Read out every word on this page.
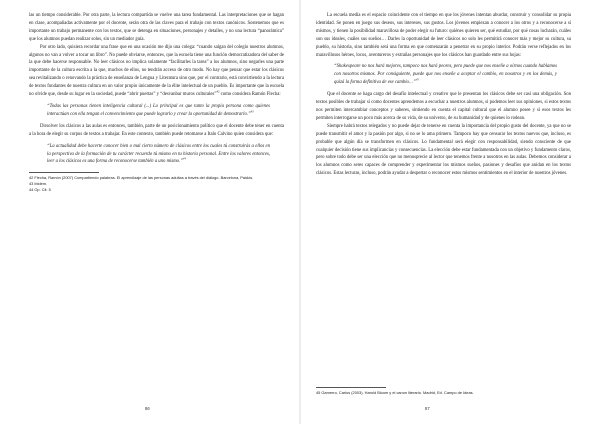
las un tiempo considerable. Por otra parte, la lectura compartida se vuelve una tarea fundamental. Las interpretaciones que se hagan en clase, acompañadas activamente por el docente, serán otra de las claves para el trabajo con textos canónicos. Sostenemos que es importante un trabajo permanente con los textos, que se detenga en situaciones, personajes y detalles, y no una lectura “panorámica” que los alumnos puedan realizar solos, sin un mediador guía.

Por otro lado, quisiera recordar una frase que en una ocasión me dijo una colega: “cuando salgan del colegio nuestros alumnos, algunos no van a volver a tocar un libro”. No puede obviarse, entonces, que la escuela tiene una función democratizadora del saber de la que debe hacerse responsable. No leer clásicos no implica solamente “facilitarles la tarea” a los alumnos, sino negarles una parte importante de la cultura escrita a la que, muchos de ellos, no tendrán acceso de otro modo. No hay que pensar que estar los clásicos sea revitalizando o renovando la práctica de enseñanza de Lengua y Literatura sino que, por el contrario, está convirtiendo a la lectura de textos fundantes de nuestra cultura en un valor propio únicamente de la élite intelectual de un pueblo. Es importante que la escuela no olvide que, desde su lugar en la sociedad, puede “abrir puertas” y “desvanbar muros culturales”$^{42}$ como considera Ramón Flecha:

“Todas las personas tienen inteligencia cultural (...) Lo principal es que tanto la propia persona como quienes interactúan con ella tengan el convencimiento que puede lograrlo y crear la oportunidad de demostrarlo.”$^{43}$

Dirsolver los clásicos a las aulas es entonces, también, parte de un posicionamiento político que el docente debe tener en cuenta a la hora de elegir su corpus de textos a trabajar. En este contexto, también puede retomarse a Italo Calvino quien considera que:

“La actualidad debe hacerte conocer bien o mal cierto número de clásicos entre los cuales tú construirás a ellos en la perspectiva de la formación de tu carácter recuerdo tú mismo en tu historia personal. Entre los valores entonces, leer a los clásicos es una forma de reconocerse también a uno mismo.”$^{44}$
42 Flecha, Ramón (2007) Compartiendo palabras. El aprendizaje de las personas adultas a través del diálogo. Barcelona, Paidós.
43 Ibidem.
44 Op. Cit. 5
86

La escuela media es el espacio coincidente con el tiempo en que los jóvenes intentan aburdar, construir y consolidar su propia identidad. Se ponen en juego sus deseos, sus intereses, sus gustos. Los jóvenes empiezan a conocer a los otros y a reconocerse a sí mismos, y tienen la posibilidad maravillosa de poder elegir su futuro: quiénes quieren ser, qué estudiar, por qué cosas lucharán, cuáles son sus ideales, cuáles sus sueños… Darles la oportunidad de leer clásicos no solo les permitirá conocer más y mejor su cultura, su pueblo, su historia, sino también será una forma en que comenzarán a penetrar en su propio interior. Podrán verse reflejados en los maravillosos héroes, locos, aventureros y extrañas personajes que los clásicos han guardado entre sus hojas:

“Shakespeare no nos hará mejores, tampoco nos hará peores, pero puede que nos enseñe a oírnos cuando hablamos con nosotros mismos. Por consiguiente, puede que nos enseñe a aceptar el cambio, en nosotros y en los demás, y quizá la forma definitiva de ese cambio…”$^{45}$

Que el docente se haga cargo del desafío intelectual y creativo que le presentan los clásicos debe ser casi una obligación. Son textos posibles de trabajar sí como docentes aprendemos a escuchar a nuestros alumnos, si podemos leer sus opiniones, si estos textos nos permiten intercambiar conceptos y saberes, sintiendo en cuenta el capital cultural que el alumno posee y si esos textos les permiten interrogarse un poco más acerca de su vida, de su universo, de su humanidad y de quienes lo rodean.

Siempre habrá textos relegados y no puede dejar de tenerse en cuenta la importancia del propio gusto del docente, ya que no se puede transmitir el amor y la pasión por algo, si no se lo ama primero. Tampoco hay que censurar los textos nuevos que, incluso, es probable que algún día se transformen en clásicos. Lo fundamental será elegir con responsabilidad, siendo consciente de que cualquier decisión tiene sus implicancias y consecuencias. La elección debe estar fundamentada con un objetivo y fundamento claros, pero sobre todo debe ser una elección que no menosprecie al lector que tenemos frente a nosotros en las aulas. Debemos considerar a los alumnos como seres capaces de comprender y experimentar los mismos sueños, pasiones y desafíos que anidan en los textos clásicos. Estas lecturas, incluso, podrán ayudar a despertar o reconocer estos mismos sentimientos en el interior de nuestros jóvenes.

45 Gamerro, Carlos (2003). Harold Bloom y el canon literario. Madrid, Ed. Campo de Ideas.
87
